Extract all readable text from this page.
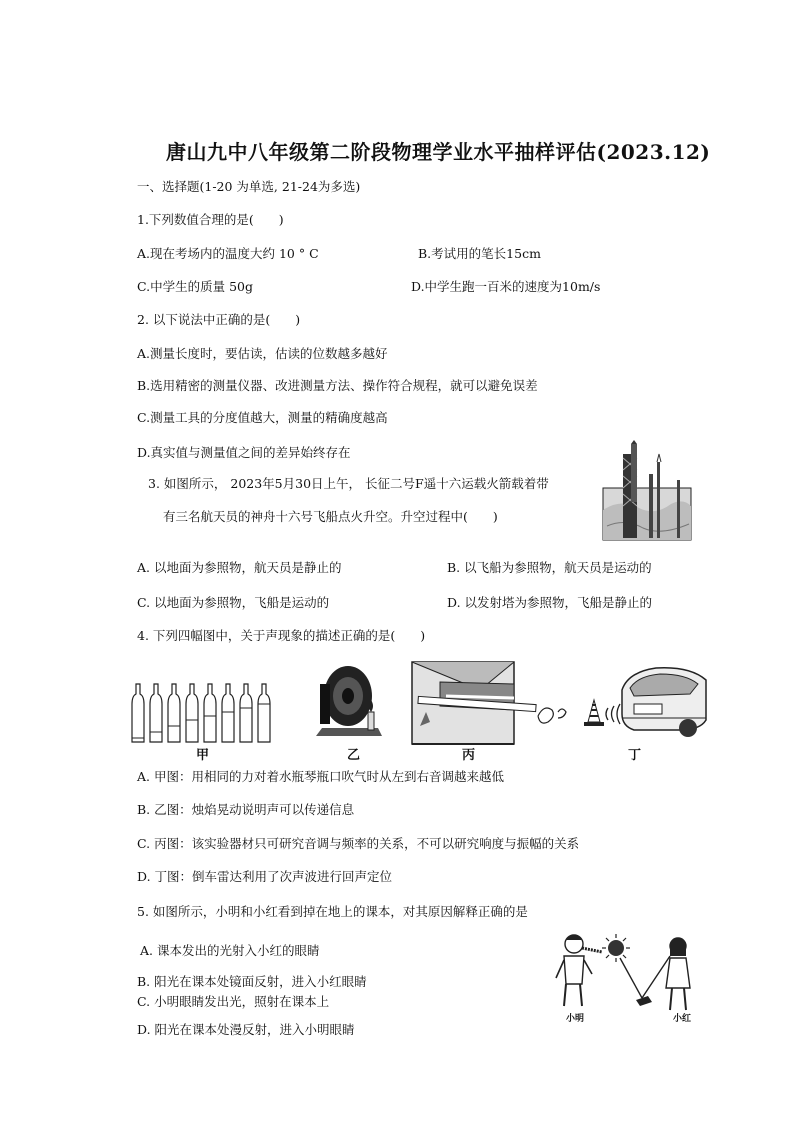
唐山九中八年级第二阶段物理学业水平抽样评估(2023.12)
一、选择题(1-20 为单选, 21-24为多选)
1.下列数值合理的是(　　)
A.现在考场内的温度大约 10 ° C	B.考试用的笔长15cm
C.中学生的质量 50g	D.中学生跑一百米的速度为10m/s
2. 以下说法中正确的是(　　)
A.测量长度时，要估读，估读的位数越多越好
B.选用精密的测量仪器、改进测量方法、操作符合规程，就可以避免误差
C.测量工具的分度值越大，测量的精确度越高
D.真实值与测量值之间的差异始终存在
3. 如图所示， 2023年5月30日上午， 长征二号F遥十六运载火箭载着带
有三名航天员的神舟十六号飞船点火升空。升空过程中(　　)
A. 以地面为参照物，航天员是静止的	B. 以飞船为参照物，航天员是运动的
C. 以地面为参照物，飞船是运动的	D. 以发射塔为参照物，飞船是静止的
4. 下列四幅图中，关于声现象的描述正确的是(　　)
甲	乙	丙	丁
A. 甲图：用相同的力对着水瓶琴瓶口吹气时从左到右音调越来越低
B. 乙图：烛焰晃动说明声可以传递信息
C. 丙图：该实验器材只可研究音调与频率的关系，不可以研究响度与振幅的关系
D. 丁图：倒车雷达利用了次声波进行回声定位
5. 如图所示，小明和小红看到掉在地上的课本，对其原因解释正确的是
A. 课本发出的光射入小红的眼睛
B. 阳光在课本处镜面反射，进入小红眼睛
C. 小明眼睛发出光，照射在课本上
D. 阳光在课本处漫反射，进入小明眼睛
小明	小红
